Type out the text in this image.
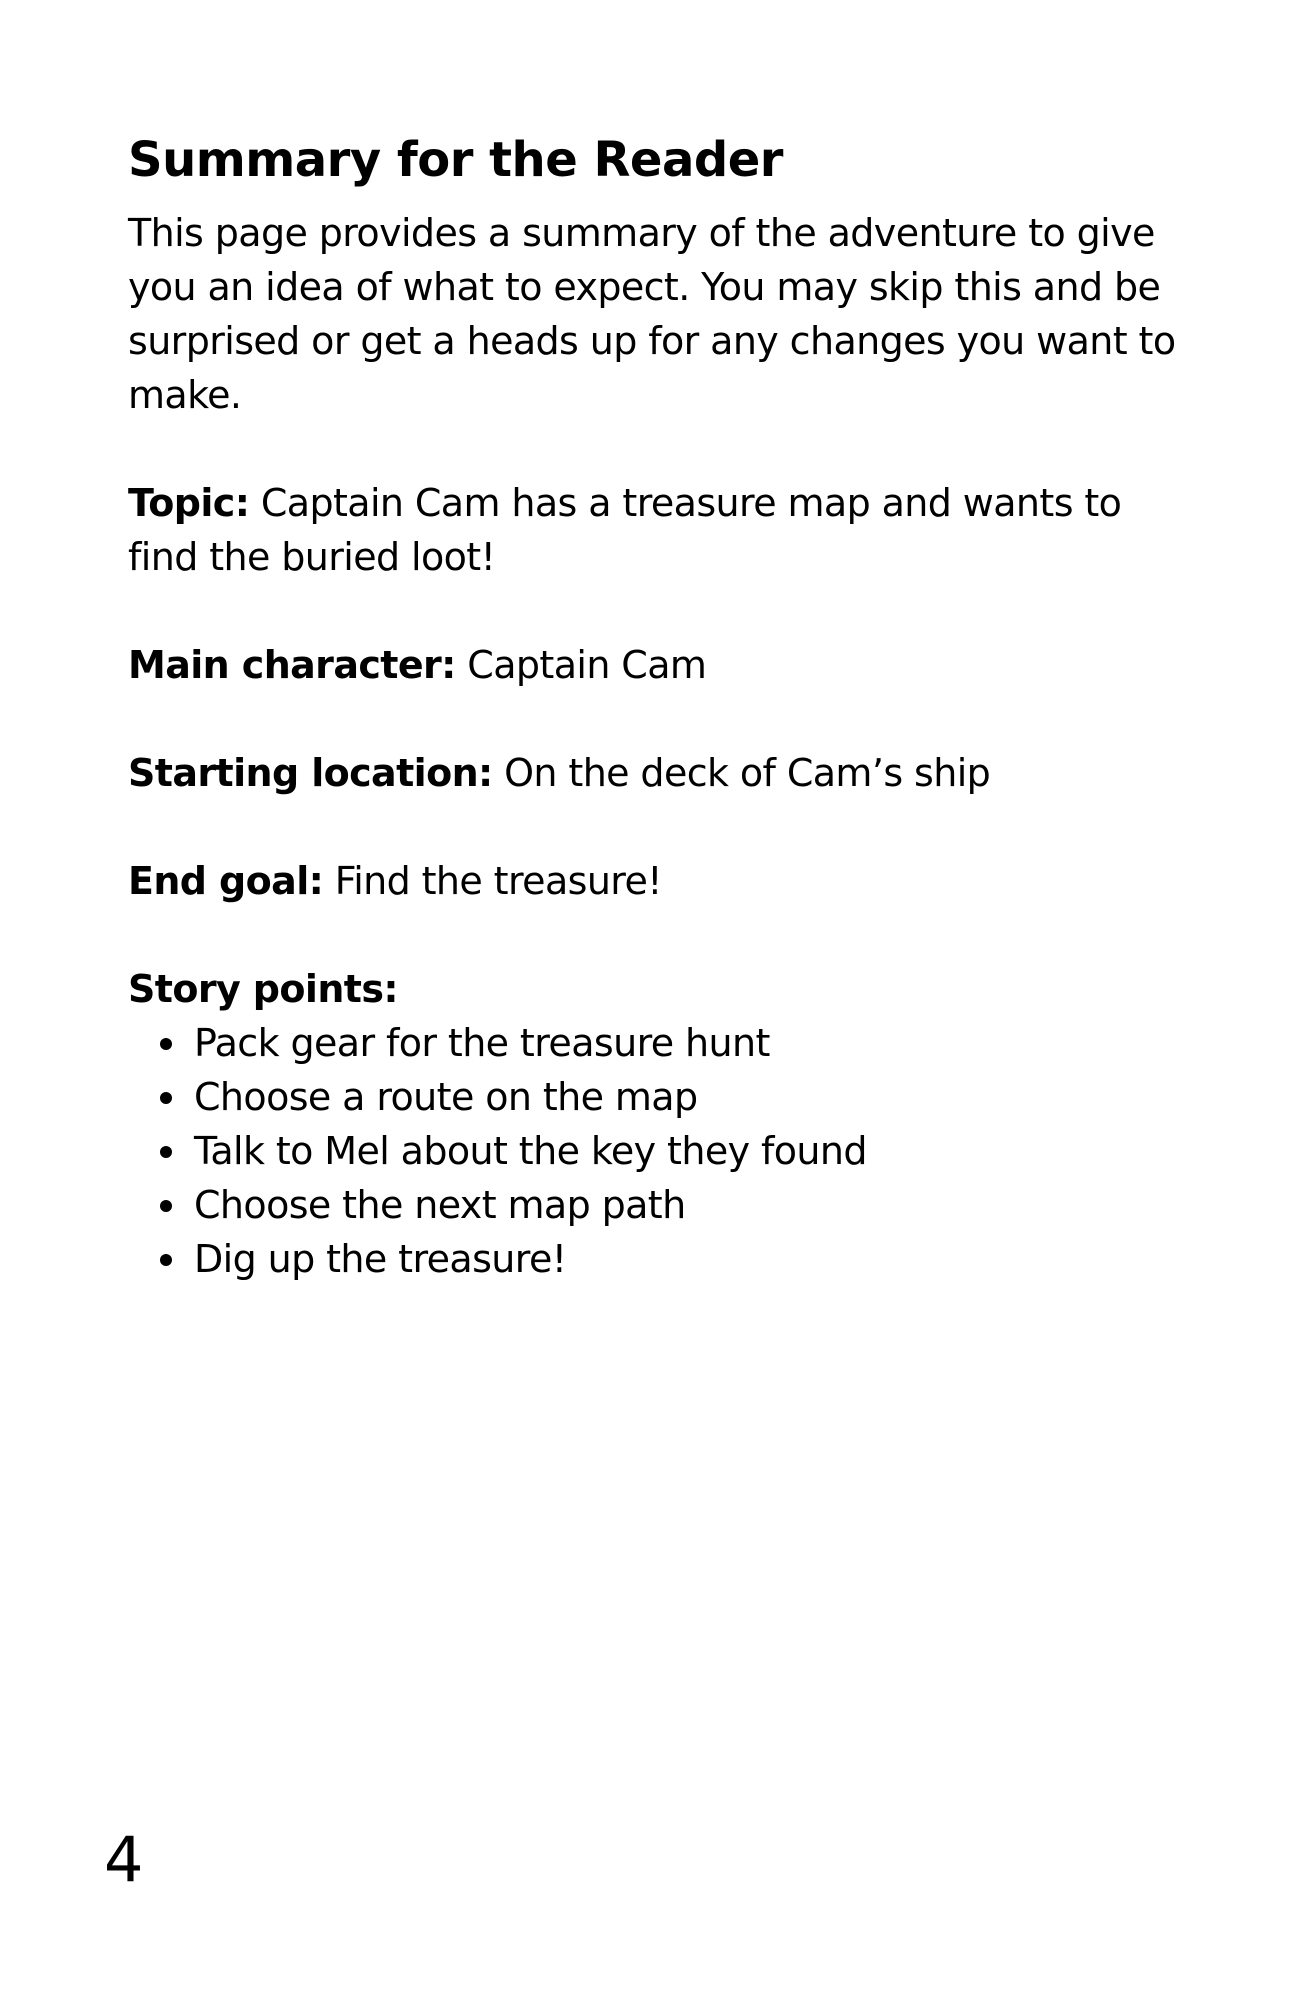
Summary for the Reader

This page provides a summary of the adventure to give you an idea of what to expect. You may skip this and be surprised or get a heads up for any changes you want to make.

Topic: Captain Cam has a treasure map and wants to find the buried loot!

Main character: Captain Cam

Starting location: On the deck of Cam’s ship

End goal: Find the treasure!

Story points:

Pack gear for the treasure hunt
Choose a route on the map
Talk to Mel about the key they found
Choose the next map path
Dig up the treasure!
4
